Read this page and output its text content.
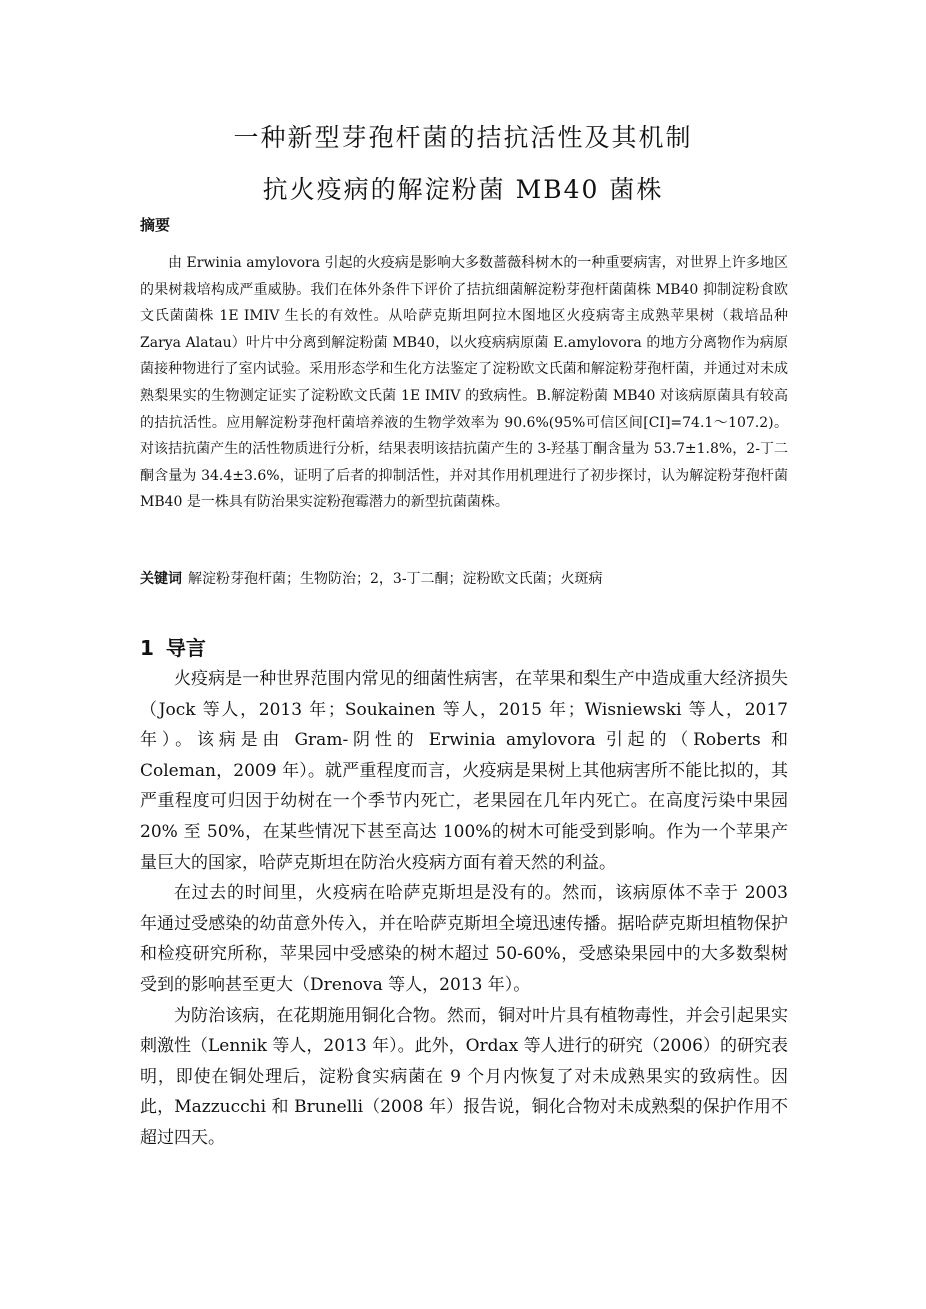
一种新型芽孢杆菌的拮抗活性及其机制
抗火疫病的解淀粉菌 MB40 菌株
摘要

由 Erwinia amylovora 引起的火疫病是影响大多数蔷薇科树木的一种重要病害，对世界上许多地区的果树栽培构成严重威胁。我们在体外条件下评价了拮抗细菌解淀粉芽孢杆菌菌株 MB40 抑制淀粉食欧文氏菌菌株 1E IMIV 生长的有效性。从哈萨克斯坦阿拉木图地区火疫病寄主成熟苹果树（栽培品种 Zarya Alatau）叶片中分离到解淀粉菌 MB40，以火疫病病原菌 E.amylovora 的地方分离物作为病原菌接种物进行了室内试验。采用形态学和生化方法鉴定了淀粉欧文氏菌和解淀粉芽孢杆菌，并通过对未成熟梨果实的生物测定证实了淀粉欧文氏菌 1E IMIV 的致病性。B.解淀粉菌 MB40 对该病原菌具有较高的拮抗活性。应用解淀粉芽孢杆菌培养液的生物学效率为 90.6%(95%可信区间[CI]=74.1～107.2)。对该拮抗菌产生的活性物质进行分析，结果表明该拮抗菌产生的 3-羟基丁酮含量为 53.7±1.8%，2-丁二酮含量为 34.4±3.6%，证明了后者的抑制活性，并对其作用机理进行了初步探讨，认为解淀粉芽孢杆菌 MB40 是一株具有防治果实淀粉孢霉潜力的新型抗菌菌株。

关键词 解淀粉芽孢杆菌；生物防治；2，3-丁二酮；淀粉欧文氏菌；火斑病

1 导言

火疫病是一种世界范围内常见的细菌性病害，在苹果和梨生产中造成重大经济损失（Jock 等人，2013 年；Soukainen 等人，2015 年；Wisniewski 等人，2017 年）。该病是由 Gram-阴性的 Erwinia amylovora 引起的（Roberts 和 Coleman，2009 年）。就严重程度而言，火疫病是果树上其他病害所不能比拟的，其严重程度可归因于幼树在一个季节内死亡，老果园在几年内死亡。在高度污染中果园 20% 至 50%，在某些情况下甚至高达 100%的树木可能受到影响。作为一个苹果产量巨大的国家，哈萨克斯坦在防治火疫病方面有着天然的利益。

在过去的时间里，火疫病在哈萨克斯坦是没有的。然而，该病原体不幸于 2003 年通过受感染的幼苗意外传入，并在哈萨克斯坦全境迅速传播。据哈萨克斯坦植物保护和检疫研究所称，苹果园中受感染的树木超过 50-60%，受感染果园中的大多数梨树受到的影响甚至更大（Drenova 等人，2013 年）。

为防治该病，在花期施用铜化合物。然而，铜对叶片具有植物毒性，并会引起果实刺激性（Lennik 等人，2013 年）。此外，Ordax 等人进行的研究（2006）的研究表明，即使在铜处理后，淀粉食实病菌在 9 个月内恢复了对未成熟果实的致病性。因此，Mazzucchi 和 Brunelli（2008 年）报告说，铜化合物对未成熟梨的保护作用不超过四天。
